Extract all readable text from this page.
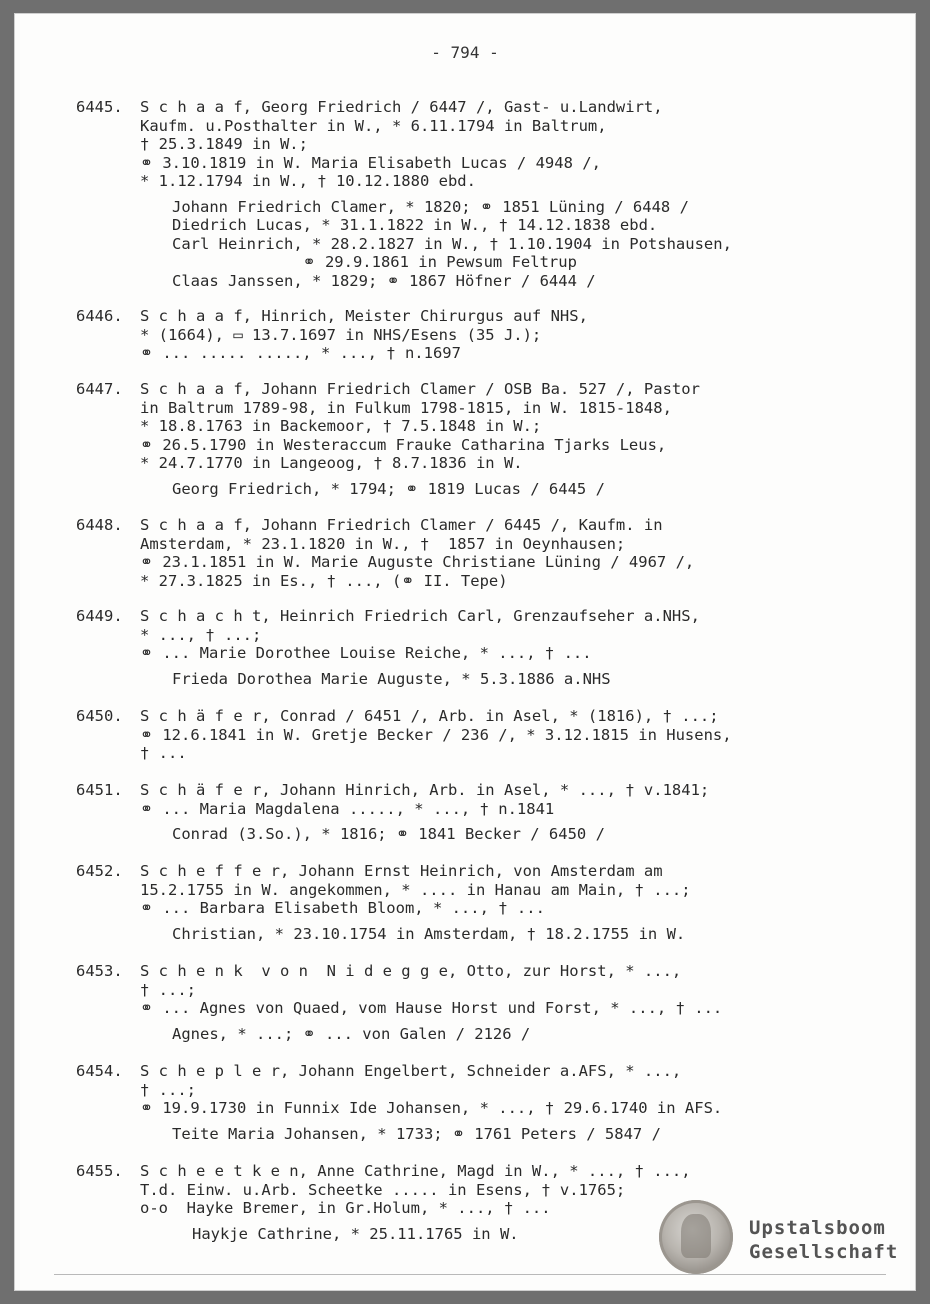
- 794 -
6445. S c h a a f, Georg Friedrich / 6447 /, Gast- u.Landwirt,
Kaufm. u.Posthalter in W., * 6.11.1794 in Baltrum,
† 25.3.1849 in W.;
⚭ 3.10.1819 in W. Maria Elisabeth Lucas / 4948 /,
* 1.12.1794 in W., † 10.12.1880 ebd.
Johann Friedrich Clamer, * 1820; ⚭ 1851 Lüning / 6448 /
Diedrich Lucas, * 31.1.1822 in W., † 14.12.1838 ebd.
Carl Heinrich, * 28.2.1827 in W., † 1.10.1904 in Potshausen,
⚭ 29.9.1861 in Pewsum Feltrup
Claas Janssen, * 1829; ⚭ 1867 Höfner / 6444 /
6446. S c h a a f, Hinrich, Meister Chirurgus auf NHS,
* (1664), ▭ 13.7.1697 in NHS/Esens (35 J.);
⚭ ... ..... ....., * ..., † n.1697
6447. S c h a a f, Johann Friedrich Clamer / OSB Ba. 527 /, Pastor
in Baltrum 1789-98, in Fulkum 1798-1815, in W. 1815-1848,
* 18.8.1763 in Backemoor, † 7.5.1848 in W.;
⚭ 26.5.1790 in Westeraccum Frauke Catharina Tjarks Leus,
* 24.7.1770 in Langeoog, † 8.7.1836 in W.
Georg Friedrich, * 1794; ⚭ 1819 Lucas / 6445 /
6448. S c h a a f, Johann Friedrich Clamer / 6445 /, Kaufm. in
Amsterdam, * 23.1.1820 in W., †  1857 in Oeynhausen;
⚭ 23.1.1851 in W. Marie Auguste Christiane Lüning / 4967 /,
* 27.3.1825 in Es., † ..., (⚭ II. Tepe)
6449. S c h a c h t, Heinrich Friedrich Carl, Grenzaufseher a.NHS,
* ..., † ...;
⚭ ... Marie Dorothee Louise Reiche, * ..., † ...
Frieda Dorothea Marie Auguste, * 5.3.1886 a.NHS
6450. S c h ä f e r, Conrad / 6451 /, Arb. in Asel, * (1816), † ...;
⚭ 12.6.1841 in W. Gretje Becker / 236 /, * 3.12.1815 in Husens,
† ...
6451. S c h ä f e r, Johann Hinrich, Arb. in Asel, * ..., † v.1841;
⚭ ... Maria Magdalena ....., * ..., † n.1841
Conrad (3.So.), * 1816; ⚭ 1841 Becker / 6450 /
6452. S c h e f f e r, Johann Ernst Heinrich, von Amsterdam am
15.2.1755 in W. angekommen, * .... in Hanau am Main, † ...;
⚭ ... Barbara Elisabeth Bloom, * ..., † ...
Christian, * 23.10.1754 in Amsterdam, † 18.2.1755 in W.
6453. S c h e n k  v o n  N i d e g g e, Otto, zur Horst, * ...,
† ...;
⚭ ... Agnes von Quaed, vom Hause Horst und Forst, * ..., † ...
Agnes, * ...; ⚭ ... von Galen / 2126 /
6454. S c h e p l e r, Johann Engelbert, Schneider a.AFS, * ...,
† ...;
⚭ 19.9.1730 in Funnix Ide Johansen, * ..., † 29.6.1740 in AFS.
Teite Maria Johansen, * 1733; ⚭ 1761 Peters / 5847 /
6455. S c h e e t k e n, Anne Cathrine, Magd in W., * ..., † ...,
T.d. Einw. u.Arb. Scheetke ..... in Esens, † v.1765;
o-o  Hayke Bremer, in Gr.Holum, * ..., † ...
Haykje Cathrine, * 25.11.1765 in W.	Upstalsboom
Gesellschaft
